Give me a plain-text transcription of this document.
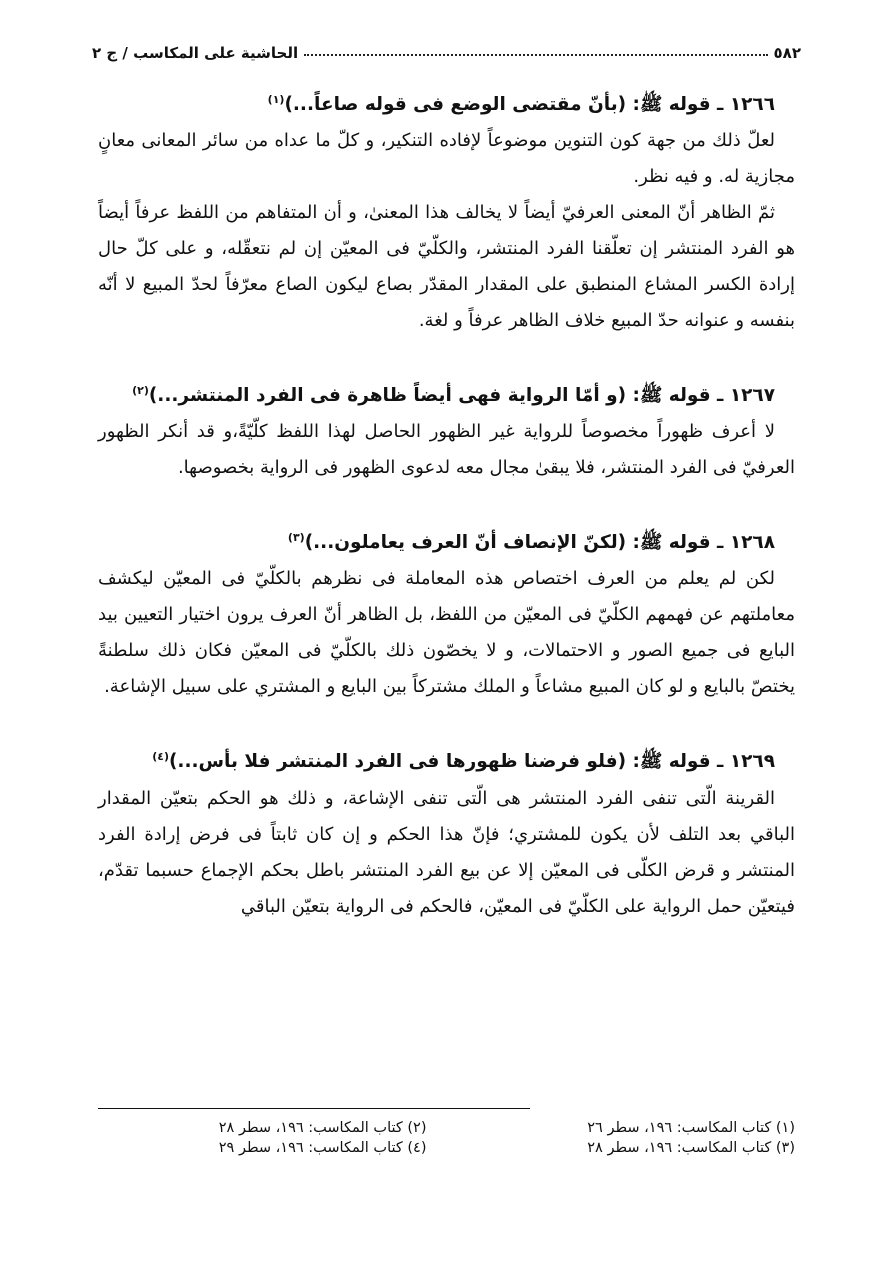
٥٨٢
الحاشية على المكاسب / ج ٢
١٢٦٦ ـ قوله ﷺ: (بأنّ مقتضى الوضع فى قوله صاعاً...)$^{(١)}$

لعلّ ذلك من جهة كون التنوين موضوعاً لإفاده التنكير، و كلّ ما عداه من سائر المعانى معانٍ مجازية له. و فيه نظر.

ثمّ الظاهر أنّ المعنى العرفيّ أيضاً لا يخالف هذا المعنىٰ، و أن المتفاهم من اللفظ عرفاً أيضاً هو الفرد المنتشر إن تعلّقنا الفرد المنتشر، والكلّيّ فى المعيّن إن لم نتعقّله، و على كلّ حال إرادة الكسر المشاع المنطبق على المقدار المقدّر بصاع ليكون الصاع معرّفاً لحدّ المبيع لا أنّه بنفسه و عنوانه حدّ المبيع خلاف الظاهر عرفاً و لغة.

١٢٦٧ ـ قوله ﷺ: (و أمّا الرواية فهى أيضاً ظاهرة فى الفرد المنتشر...)$^{(٢)}$

لا أعرف ظهوراً مخصوصاً للرواية غير الظهور الحاصل لهذا اللفظ كلّيّةً،و قد أنكر الظهور العرفيّ فى الفرد المنتشر، فلا يبقىٰ مجال معه لدعوى الظهور فى الرواية بخصوصها.

١٢٦٨ ـ قوله ﷺ: (لكنّ الإنصاف أنّ العرف يعاملون...)$^{(٣)}$

لكن لم يعلم من العرف اختصاص هذه المعاملة فى نظرهم بالكلّيّ فى المعيّن ليكشف معاملتهم عن فهمهم الكلّيّ فى المعيّن من اللفظ، بل الظاهر أنّ العرف يرون اختيار التعيين بيد البايع فى جميع الصور و الاحتمالات، و لا يخصّون ذلك بالكلّيّ فى المعيّن فكان ذلك سلطنةً يختصّ بالبايع و لو كان المبيع مشاعاً و الملك مشتركاً بين البايع و المشتري على سبيل الإشاعة.

١٢٦٩ ـ قوله ﷺ: (فلو فرضنا ظهورها فى الفرد المنتشر فلا بأس...)$^{(٤)}$

القرينة الّتى تنفى الفرد المنتشر هى الّتى تنفى الإشاعة، و ذلك هو الحكم بتعيّن المقدار الباقي بعد التلف لأن يكون للمشتري؛ فإنّ هذا الحكم و إن كان ثابتاً فى فرض إرادة الفرد المنتشر و قرض الكلّى فى المعيّن إلا عن بيع الفرد المنتشر باطل بحكم الإجماع حسبما تقدّم، فيتعيّن حمل الرواية على الكلّيّ فى المعيّن، فالحكم فى الرواية بتعيّن الباقي

(١) كتاب المكاسب: ١٩٦، سطر ٢٦
(٢) كتاب المكاسب: ١٩٦، سطر ٢٨
(٣) كتاب المكاسب: ١٩٦، سطر ٢٨
(٤) كتاب المكاسب: ١٩٦، سطر ٢٩
